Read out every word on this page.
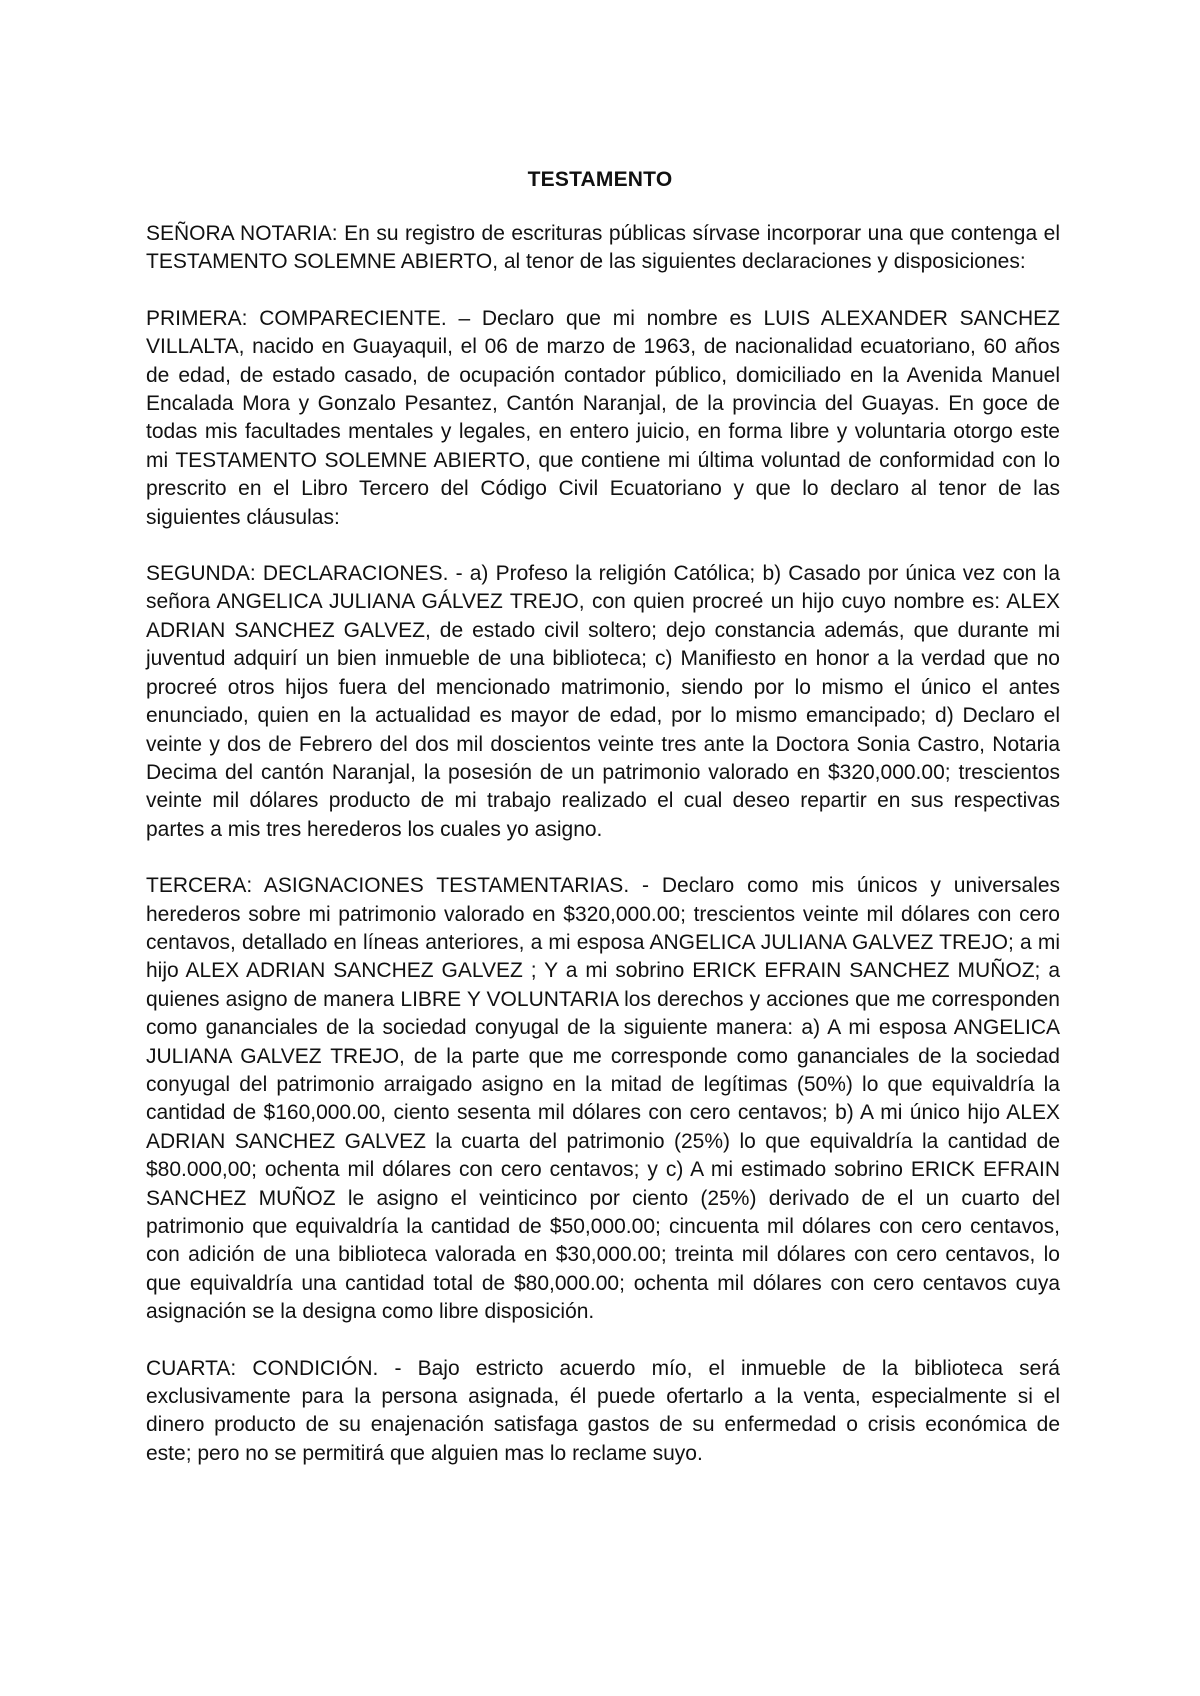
TESTAMENTO

SEÑORA NOTARIA: En su registro de escrituras públicas sírvase incorporar una que contenga el TESTAMENTO SOLEMNE ABIERTO, al tenor de las siguientes declaraciones y disposiciones:

PRIMERA: COMPARECIENTE. – Declaro que mi nombre es LUIS ALEXANDER SANCHEZ VILLALTA, nacido en Guayaquil, el 06 de marzo de 1963, de nacionalidad ecuatoriano, 60 años de edad, de estado casado, de ocupación contador público, domiciliado en la Avenida Manuel Encalada Mora y Gonzalo Pesantez, Cantón Naranjal, de la provincia del Guayas. En goce de todas mis facultades mentales y legales, en entero juicio, en forma libre y voluntaria otorgo este mi TESTAMENTO SOLEMNE ABIERTO, que contiene mi última voluntad de conformidad con lo prescrito en el Libro Tercero del Código Civil Ecuatoriano y que lo declaro al tenor de las siguientes cláusulas:

SEGUNDA: DECLARACIONES. - a) Profeso la religión Católica; b) Casado por única vez con la señora ANGELICA JULIANA GÁLVEZ TREJO, con quien procreé un hijo cuyo nombre es: ALEX ADRIAN SANCHEZ GALVEZ, de estado civil soltero; dejo constancia además, que durante mi juventud adquirí un bien inmueble de una biblioteca; c) Manifiesto en honor a la verdad que no procreé otros hijos fuera del mencionado matrimonio, siendo por lo mismo el único el antes enunciado, quien en la actualidad es mayor de edad, por lo mismo emancipado; d) Declaro el veinte y dos de Febrero del dos mil doscientos veinte tres ante la Doctora Sonia Castro, Notaria Decima del cantón Naranjal, la posesión de un patrimonio valorado en $320,000.00; trescientos veinte mil dólares producto de mi trabajo realizado el cual deseo repartir en sus respectivas partes a mis tres herederos los cuales yo asigno.

TERCERA: ASIGNACIONES TESTAMENTARIAS. - Declaro como mis únicos y universales herederos sobre mi patrimonio valorado en $320,000.00; trescientos veinte mil dólares con cero centavos, detallado en líneas anteriores, a mi esposa ANGELICA JULIANA GALVEZ TREJO; a mi hijo ALEX ADRIAN SANCHEZ GALVEZ ; Y a mi sobrino ERICK EFRAIN SANCHEZ MUÑOZ; a quienes asigno de manera LIBRE Y VOLUNTARIA los derechos y acciones que me corresponden como gananciales de la sociedad conyugal de la siguiente manera: a) A mi esposa ANGELICA JULIANA GALVEZ TREJO, de la parte que me corresponde como gananciales de la sociedad conyugal del patrimonio arraigado asigno en la mitad de legítimas (50%) lo que equivaldría la cantidad de $160,000.00, ciento sesenta mil dólares con cero centavos; b) A mi único hijo ALEX ADRIAN SANCHEZ GALVEZ la cuarta del patrimonio (25%) lo que equivaldría la cantidad de $80.000,00; ochenta mil dólares con cero centavos; y c) A mi estimado sobrino ERICK EFRAIN SANCHEZ MUÑOZ le asigno el veinticinco por ciento (25%) derivado de el un cuarto del patrimonio que equivaldría la cantidad de $50,000.00; cincuenta mil dólares con cero centavos, con adición de una biblioteca valorada en $30,000.00; treinta mil dólares con cero centavos, lo que equivaldría una cantidad total de $80,000.00; ochenta mil dólares con cero centavos cuya asignación se la designa como libre disposición.

CUARTA: CONDICIÓN. - Bajo estricto acuerdo mío, el inmueble de la biblioteca será exclusivamente para la persona asignada, él puede ofertarlo a la venta, especialmente si el dinero producto de su enajenación satisfaga gastos de su enfermedad o crisis económica de este; pero no se permitirá que alguien mas lo reclame suyo.
